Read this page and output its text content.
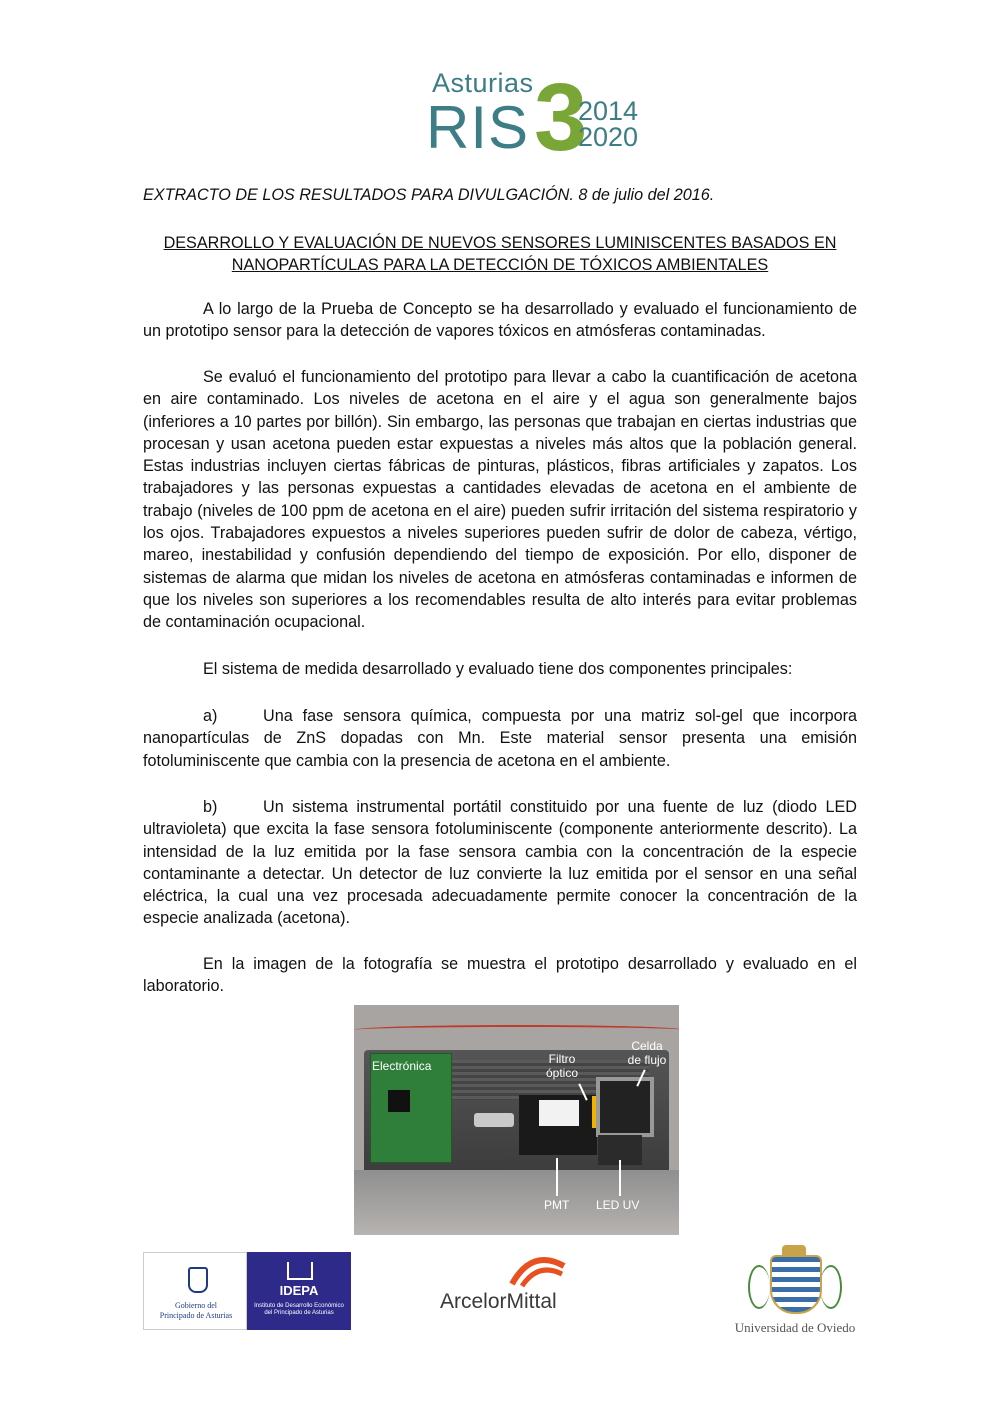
Asturias
RIS 3
2014
2020
EXTRACTO DE LOS RESULTADOS PARA DIVULGACIÓN. 8 de julio del 2016.
DESARROLLO Y EVALUACIÓN DE NUEVOS SENSORES LUMINISCENTES BASADOS EN
NANOPARTÍCULAS PARA LA DETECCIÓN DE TÓXICOS AMBIENTALES

A lo largo de la Prueba de Concepto se ha desarrollado y evaluado el funcionamiento de un prototipo sensor para la detección de vapores tóxicos en atmósferas contaminadas.

Se evaluó el funcionamiento del prototipo para llevar a cabo la cuantificación de acetona en aire contaminado. Los niveles de acetona en el aire y el agua son generalmente bajos (inferiores a 10 partes por billón). Sin embargo, las personas que trabajan en ciertas industrias que procesan y usan acetona pueden estar expuestas a niveles más altos que la población general. Estas industrias incluyen ciertas fábricas de pinturas, plásticos, fibras artificiales y zapatos. Los trabajadores y las personas expuestas a cantidades elevadas de acetona en el ambiente de trabajo (niveles de 100 ppm de acetona en el aire) pueden sufrir irritación del sistema respiratorio y los ojos. Trabajadores expuestos a niveles superiores pueden sufrir de dolor de cabeza, vértigo, mareo, inestabilidad y confusión dependiendo del tiempo de exposición. Por ello, disponer de sistemas de alarma que midan los niveles de acetona en atmósferas contaminadas e informen de que los niveles son superiores a los recomendables resulta de alto interés para evitar problemas de contaminación ocupacional.

El sistema de medida desarrollado y evaluado tiene dos componentes principales:

a)	Una fase sensora química, compuesta por una matriz sol-gel que incorpora nanopartículas de ZnS dopadas con Mn. Este material sensor presenta una emisión fotoluminiscente que cambia con la presencia de acetona en el ambiente.
b)	Un sistema instrumental portátil constituido por una fuente de luz (diodo LED ultravioleta) que excita la fase sensora fotoluminiscente (componente anteriormente descrito). La intensidad de la luz emitida por la fase sensora cambia con la concentración de la especie contaminante a detectar. Un detector de luz convierte la luz emitida por el sensor en una señal eléctrica, la cual una vez procesada adecuadamente permite conocer la concentración de la especie analizada (acetona).

En la imagen de la fotografía se muestra el prototipo desarrollado y evaluado en el laboratorio.

Electrónica	Filtro
óptico
Celda
de flujo
PMT LED UV
Gobierno del
Principado de Asturias
IDEPA
Instituto de Desarrollo Económico del Principado de Asturias	ArcelorMittal
Universidad de Oviedo
